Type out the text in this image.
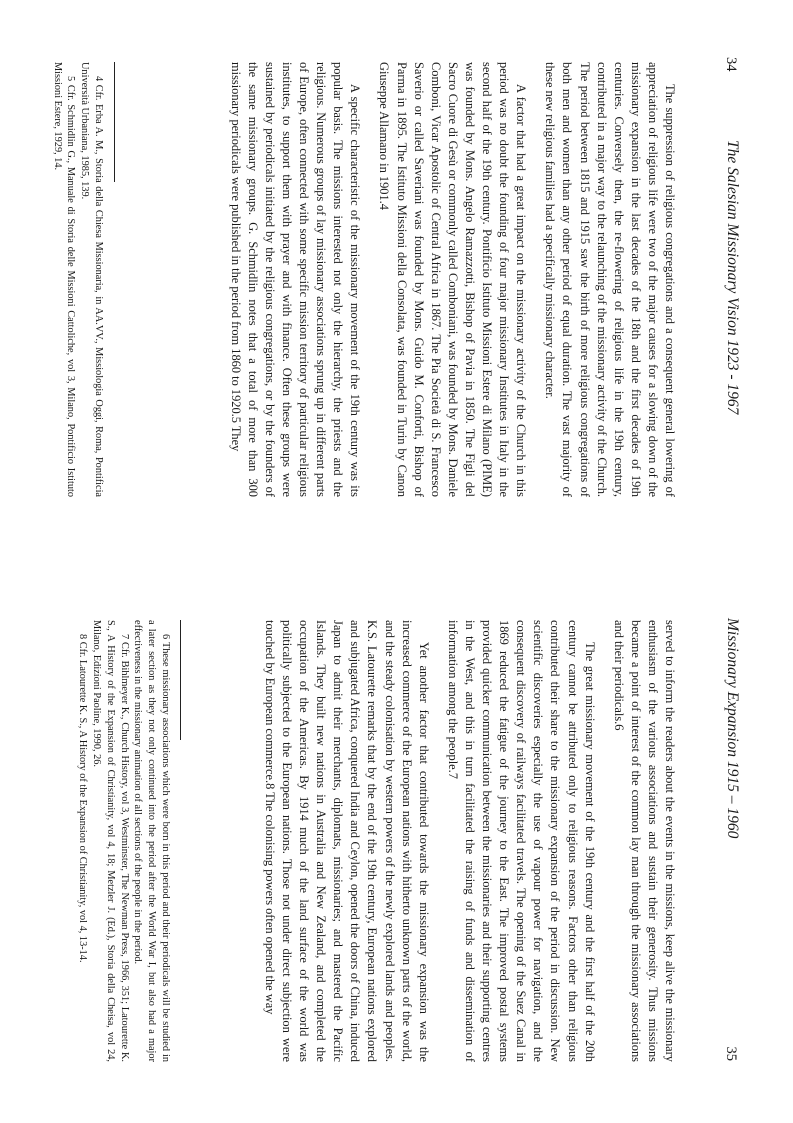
34
The Salesian Missionary Vision 1923 - 1967

The suppression of religious congregations and a consequent general lowering of appreciation of religious life were two of the major causes for a slowing down of the missionary expansion in the last decades of the 18th and the first decades of 19th centuries. Conversely then, the re-flowering of religious life in the 19th century, contributed in a major way to the relaunching of the missionary activity of the Church. The period between 1815 and 1915 saw the birth of more religious congregations of both men and women than any other period of equal duration. The vast majority of these new religious families had a specifically missionary character.

A factor that had a great impact on the missionary activity of the Church in this period was no doubt the founding of four major missionary Institutes in Italy in the second half of the 19th century. Pontificio Istituto Missioni Estere di Milano (PIME) was founded by Mons. Angelo Ramazzotti, Bishop of Pavia in 1850. The Figli del Sacro Cuore di Gesù or commonly called Comboniani, was founded by Mons. Daniele Comboni, Vicar Apostolic of Central Africa in 1867. The Pia Società di S. Francesco Saverio or called Saveriani was founded by Mons. Guido M. Conforti, Bishop of Parma in 1895. The Istituto Missioni della Consolata, was founded in Turin by Canon Giuseppe Allamano in 1901.4

A specific characteristic of the missionary movement of the 19th century was its popular basis. The missions interested not only the hierarchy, the priests and the religious. Numerous groups of lay missionary associations sprung up in different parts of Europe, often connected with some specific mission territory of particular religious institutes, to support them with prayer and with finance. Often these groups were sustained by periodicals initiated by the religious congregations, or by the founders of the same missionary groups. G. Schmidlin notes that a total of more than 300 missionary periodicals were published in the period from 1860 to 1920.5 They

4 Cfr. Erba A. M., Storia della Chiesa Missionaria, in AA.VV., Missiologia Oggi, Roma, Pontificia Università Urbaniana, 1985, 139.

5 Cfr. Schmidlin G., Manuale di Storia delle Missioni Cattoliche, vol 3, Milano, Pontificio Istituto Missioni Estere, 1929, 14.

Missionary Expansion 1915 – 1960
35

served to inform the readers about the events in the missions, keep alive the missionary enthusiasm of the various associations and sustain their generosity. Thus missions became a point of interest of the common lay man through the missionary associations and their periodicals.6

The great missionary movement of the 19th century and the first half of the 20th century cannot be attributed only to religious reasons. Factors other than religious contributed their share to the missionary expansion of the period in discussion. New scientific discoveries especially the use of vapour power for navigation, and the consequent discovery of railways facilitated travels. The opening of the Suez Canal in 1869 reduced the fatigue of the journey to the East. The improved postal systems provided quicker communication between the missionaries and their supporting centres in the West, and this in turn facilitated the raising of funds and dissemination of information among the people.7

Yet another factor that contributed towards the missionary expansion was the increased commerce of the European nations with hitherto unknown parts of the world, and the steady colonisation by western powers of the newly explored lands and peoples. K.S. Latourette remarks that by the end of the 19th century, European nations explored and subjugated Africa, conquered India and Ceylon, opened the doors of China, induced Japan to admit their merchants, diplomats, missionaries; and mastered the Pacific Islands. They built new nations in Australia and New Zealand, and completed the occupation of the Americas. By 1914 much of the land surface of the world was politically subjected to the European nations. Those not under direct subjection were touched by European commerce.8 The colonising powers often opened the way

6 These missionary associations which were born in this period and their periodicals will be studied in a later section as they not only continued into the period after the World War I, but also had a major effectiveness in the missionary animation of all sections of the people in the period.

7 Cfr. Bihlmeyer K., Church History, vol 3, Westminster, The Newman Press, 1966, 351; Latourette K. S., A History of the Expansion of Christianity, vol 4, 18; Metzler J. (Ed.), Storia della Cheisa, vol 24, Milano, Edizioni Paoline, 1990, 26.

8 Cfr. Latourette K. S., A History of the Expansion of Christianity, vol 4, 13-14.
